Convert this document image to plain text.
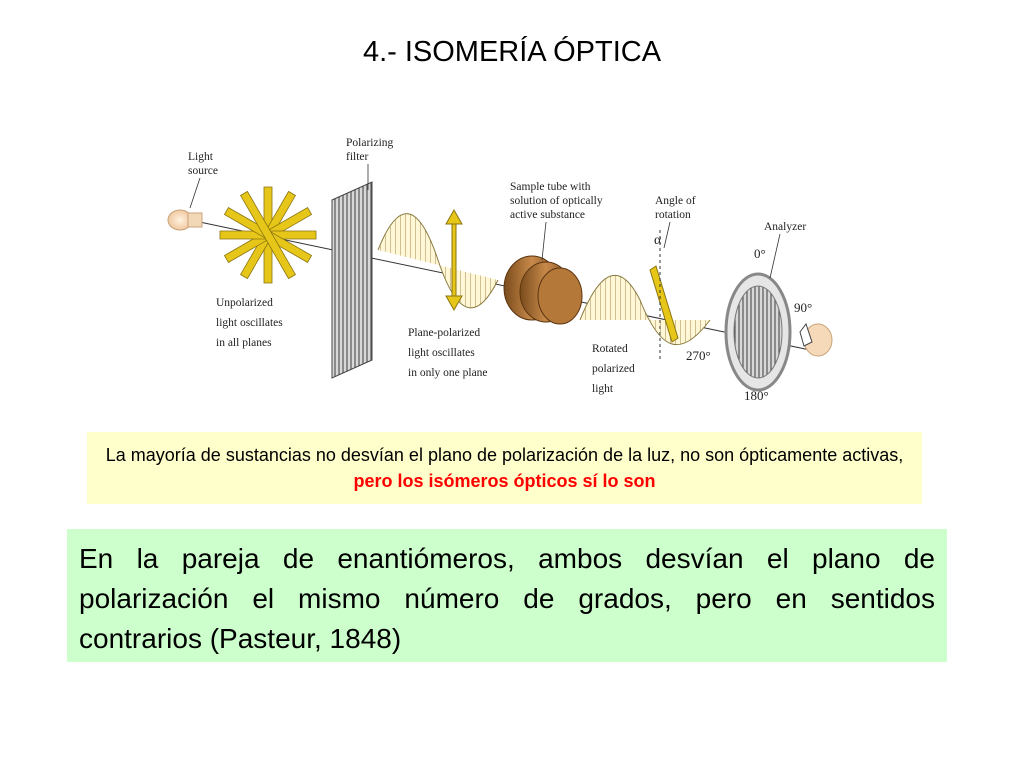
4.- ISOMERÍA ÓPTICA
Light
source
Polarizing
filter
Sample tube with
solution of optically
active substance
Angle of
rotation
α
Analyzer
0°
90°
180°
270°
Unpolarized
light oscillates
in all planes
Plane-polarized
light oscillates
in only one plane
Rotated
polarized
light
La mayoría de sustancias no desvían el plano de polarización de la luz, no son ópticamente activas, pero los isómeros ópticos sí lo son
En la pareja de enantiómeros, ambos desvían el plano de polarización el mismo número de grados, pero en sentidos contrarios (Pasteur, 1848)
